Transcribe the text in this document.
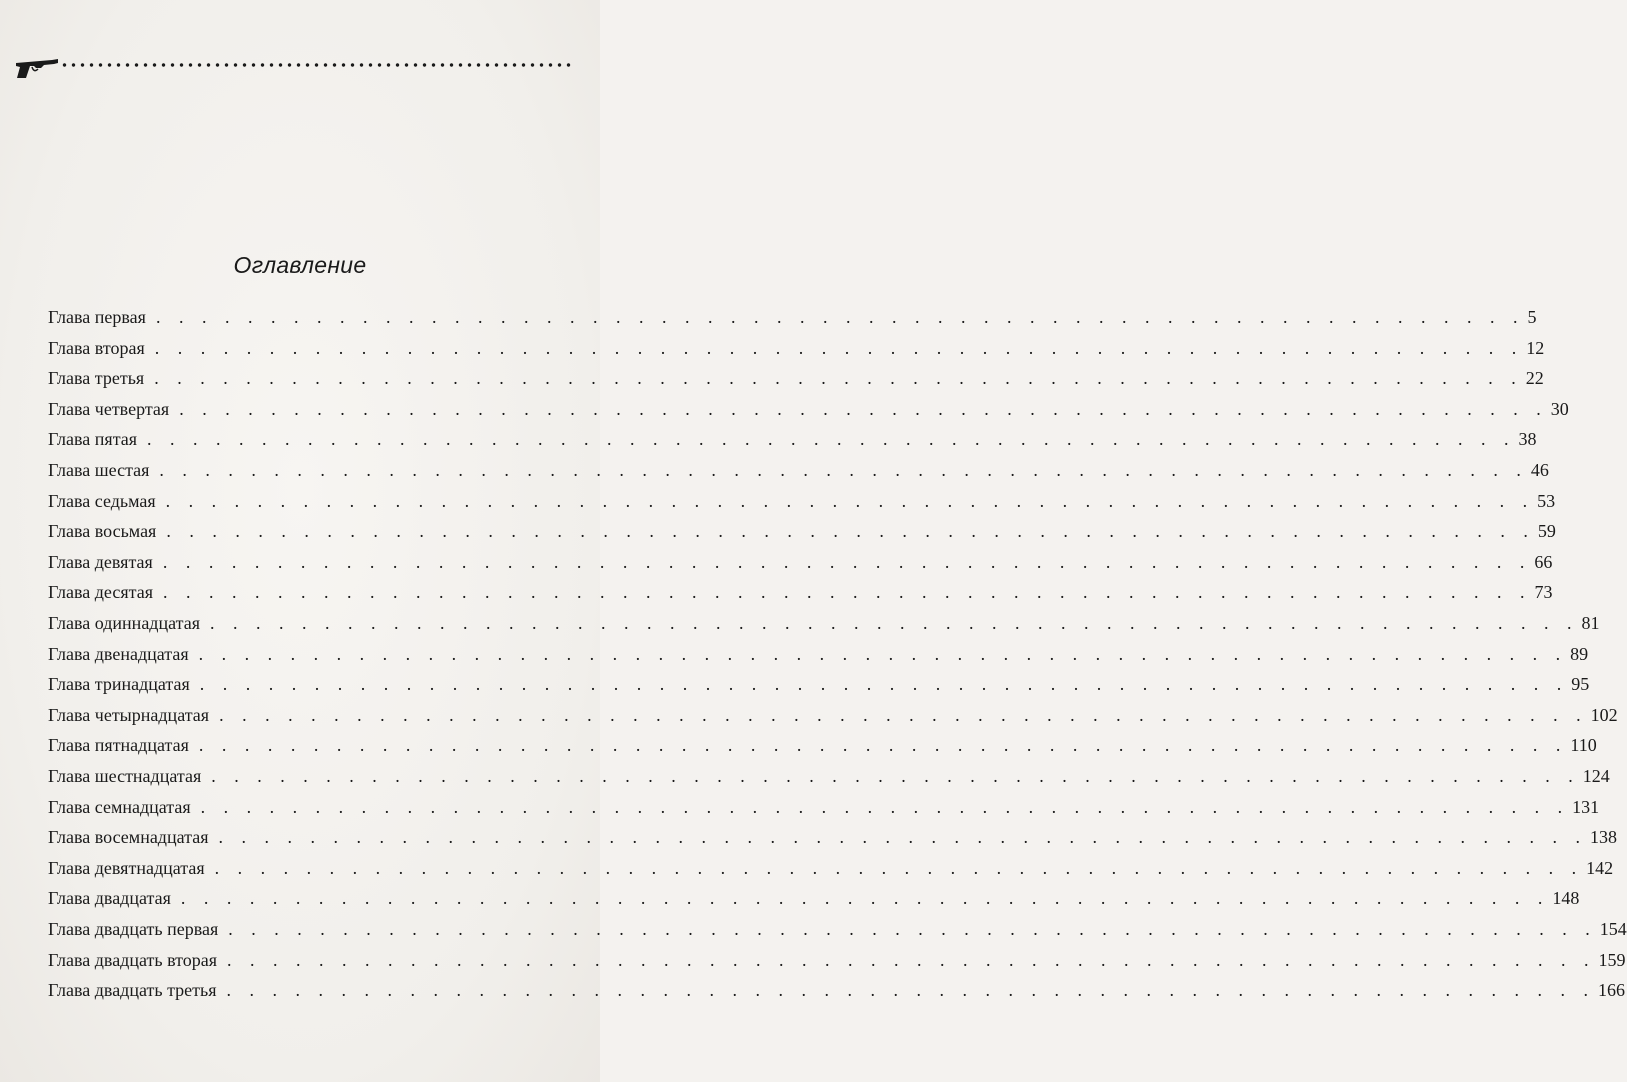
Оглавление
Глава первая . . . . . . . . . . . . . . . . . . . . . . . . . . . . . . . . . . . . . . . . . . . . . . . . . . . . . . . . . . . . 5
Глава вторая . . . . . . . . . . . . . . . . . . . . . . . . . . . . . . . . . . . . . . . . . . . . . . . . . . . . . . . . . . . . 12
Глава третья . . . . . . . . . . . . . . . . . . . . . . . . . . . . . . . . . . . . . . . . . . . . . . . . . . . . . . . . . . . . 22
Глава четвертая . . . . . . . . . . . . . . . . . . . . . . . . . . . . . . . . . . . . . . . . . . . . . . . . . . . . . . . . . . . . 30
Глава пятая . . . . . . . . . . . . . . . . . . . . . . . . . . . . . . . . . . . . . . . . . . . . . . . . . . . . . . . . . . . . 38
Глава шестая . . . . . . . . . . . . . . . . . . . . . . . . . . . . . . . . . . . . . . . . . . . . . . . . . . . . . . . . . . . . 46
Глава седьмая . . . . . . . . . . . . . . . . . . . . . . . . . . . . . . . . . . . . . . . . . . . . . . . . . . . . . . . . . . . . 53
Глава восьмая . . . . . . . . . . . . . . . . . . . . . . . . . . . . . . . . . . . . . . . . . . . . . . . . . . . . . . . . . . . . 59
Глава девятая . . . . . . . . . . . . . . . . . . . . . . . . . . . . . . . . . . . . . . . . . . . . . . . . . . . . . . . . . . . . 66
Глава десятая . . . . . . . . . . . . . . . . . . . . . . . . . . . . . . . . . . . . . . . . . . . . . . . . . . . . . . . . . . . . 73
Глава одиннадцатая . . . . . . . . . . . . . . . . . . . . . . . . . . . . . . . . . . . . . . . . . . . . . . . . . . . . . . . . . . . . 81
Глава двенадцатая . . . . . . . . . . . . . . . . . . . . . . . . . . . . . . . . . . . . . . . . . . . . . . . . . . . . . . . . . . . . 89
Глава тринадцатая . . . . . . . . . . . . . . . . . . . . . . . . . . . . . . . . . . . . . . . . . . . . . . . . . . . . . . . . . . . . 95
Глава четырнадцатая . . . . . . . . . . . . . . . . . . . . . . . . . . . . . . . . . . . . . . . . . . . . . . . . . . . . . . . . . . . . 102
Глава пятнадцатая . . . . . . . . . . . . . . . . . . . . . . . . . . . . . . . . . . . . . . . . . . . . . . . . . . . . . . . . . . . . 110
Глава шестнадцатая . . . . . . . . . . . . . . . . . . . . . . . . . . . . . . . . . . . . . . . . . . . . . . . . . . . . . . . . . . . . 124
Глава семнадцатая . . . . . . . . . . . . . . . . . . . . . . . . . . . . . . . . . . . . . . . . . . . . . . . . . . . . . . . . . . . . 131
Глава восемнадцатая . . . . . . . . . . . . . . . . . . . . . . . . . . . . . . . . . . . . . . . . . . . . . . . . . . . . . . . . . . . . 138
Глава девятнадцатая . . . . . . . . . . . . . . . . . . . . . . . . . . . . . . . . . . . . . . . . . . . . . . . . . . . . . . . . . . . . 142
Глава двадцатая . . . . . . . . . . . . . . . . . . . . . . . . . . . . . . . . . . . . . . . . . . . . . . . . . . . . . . . . . . . . 148
Глава двадцать первая . . . . . . . . . . . . . . . . . . . . . . . . . . . . . . . . . . . . . . . . . . . . . . . . . . . . . . . . . . . . 154
Глава двадцать вторая . . . . . . . . . . . . . . . . . . . . . . . . . . . . . . . . . . . . . . . . . . . . . . . . . . . . . . . . . . . . 159
Глава двадцать третья . . . . . . . . . . . . . . . . . . . . . . . . . . . . . . . . . . . . . . . . . . . . . . . . . . . . . . . . . . . . 166
